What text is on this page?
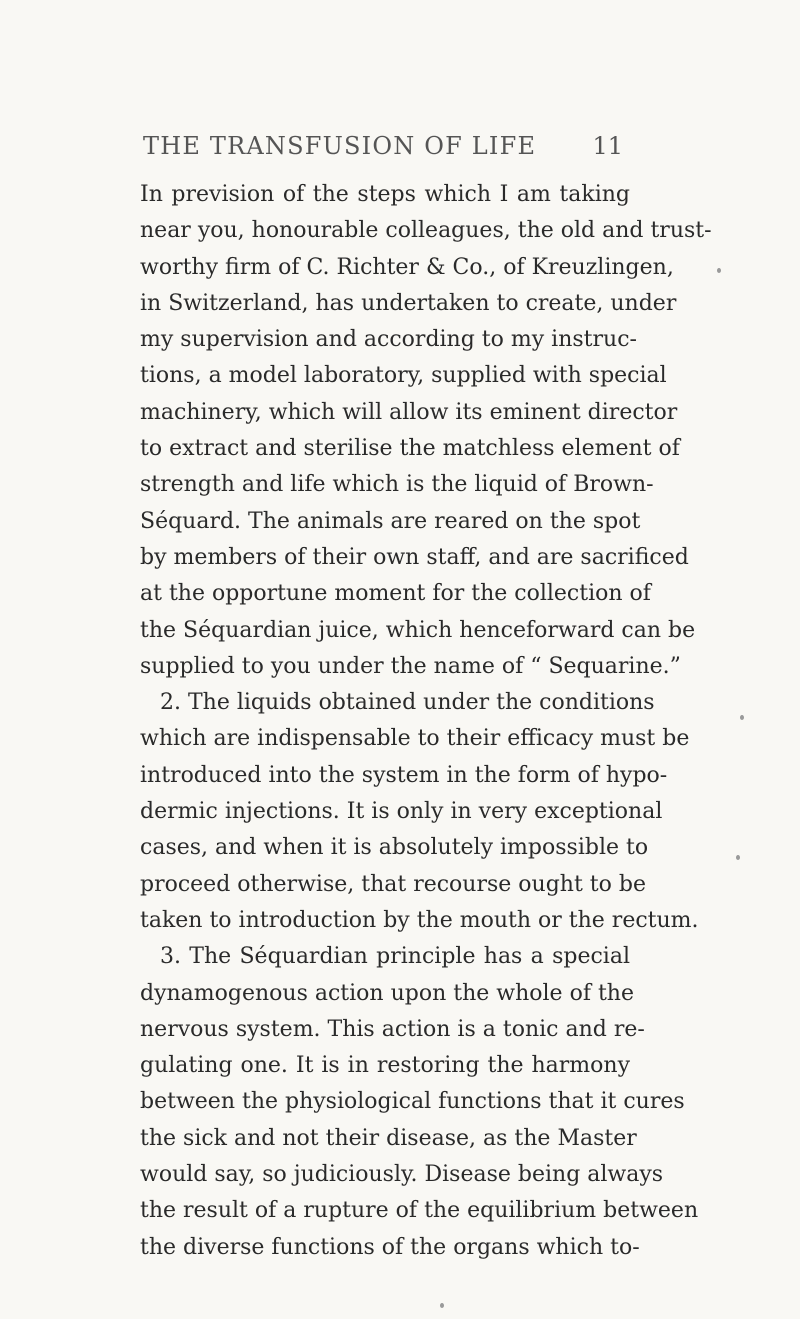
THE TRANSFUSION OF LIFE 11
In prevision of the steps which I am taking
near you, honourable colleagues, the old and trust-
worthy firm of C. Richter & Co., of Kreuzlingen,
in Switzerland, has undertaken to create, under
my supervision and according to my instruc-
tions, a model laboratory, supplied with special
machinery, which will allow its eminent director
to extract and sterilise the matchless element of
strength and life which is the liquid of Brown-
Séquard. The animals are reared on the spot
by members of their own staff, and are sacrificed
at the opportune moment for the collection of
the Séquardian juice, which henceforward can be
supplied to you under the name of “ Sequarine.”
2. The liquids obtained under the conditions
which are indispensable to their efficacy must be
introduced into the system in the form of hypo-
dermic injections. It is only in very exceptional
cases, and when it is absolutely impossible to
proceed otherwise, that recourse ought to be
taken to introduction by the mouth or the rectum.
3. The Séquardian principle has a special
dynamogenous action upon the whole of the
nervous system. This action is a tonic and re-
gulating one. It is in restoring the harmony
between the physiological functions that it cures
the sick and not their disease, as the Master
would say, so judiciously. Disease being always
the result of a rupture of the equilibrium between
the diverse functions of the organs which to-
